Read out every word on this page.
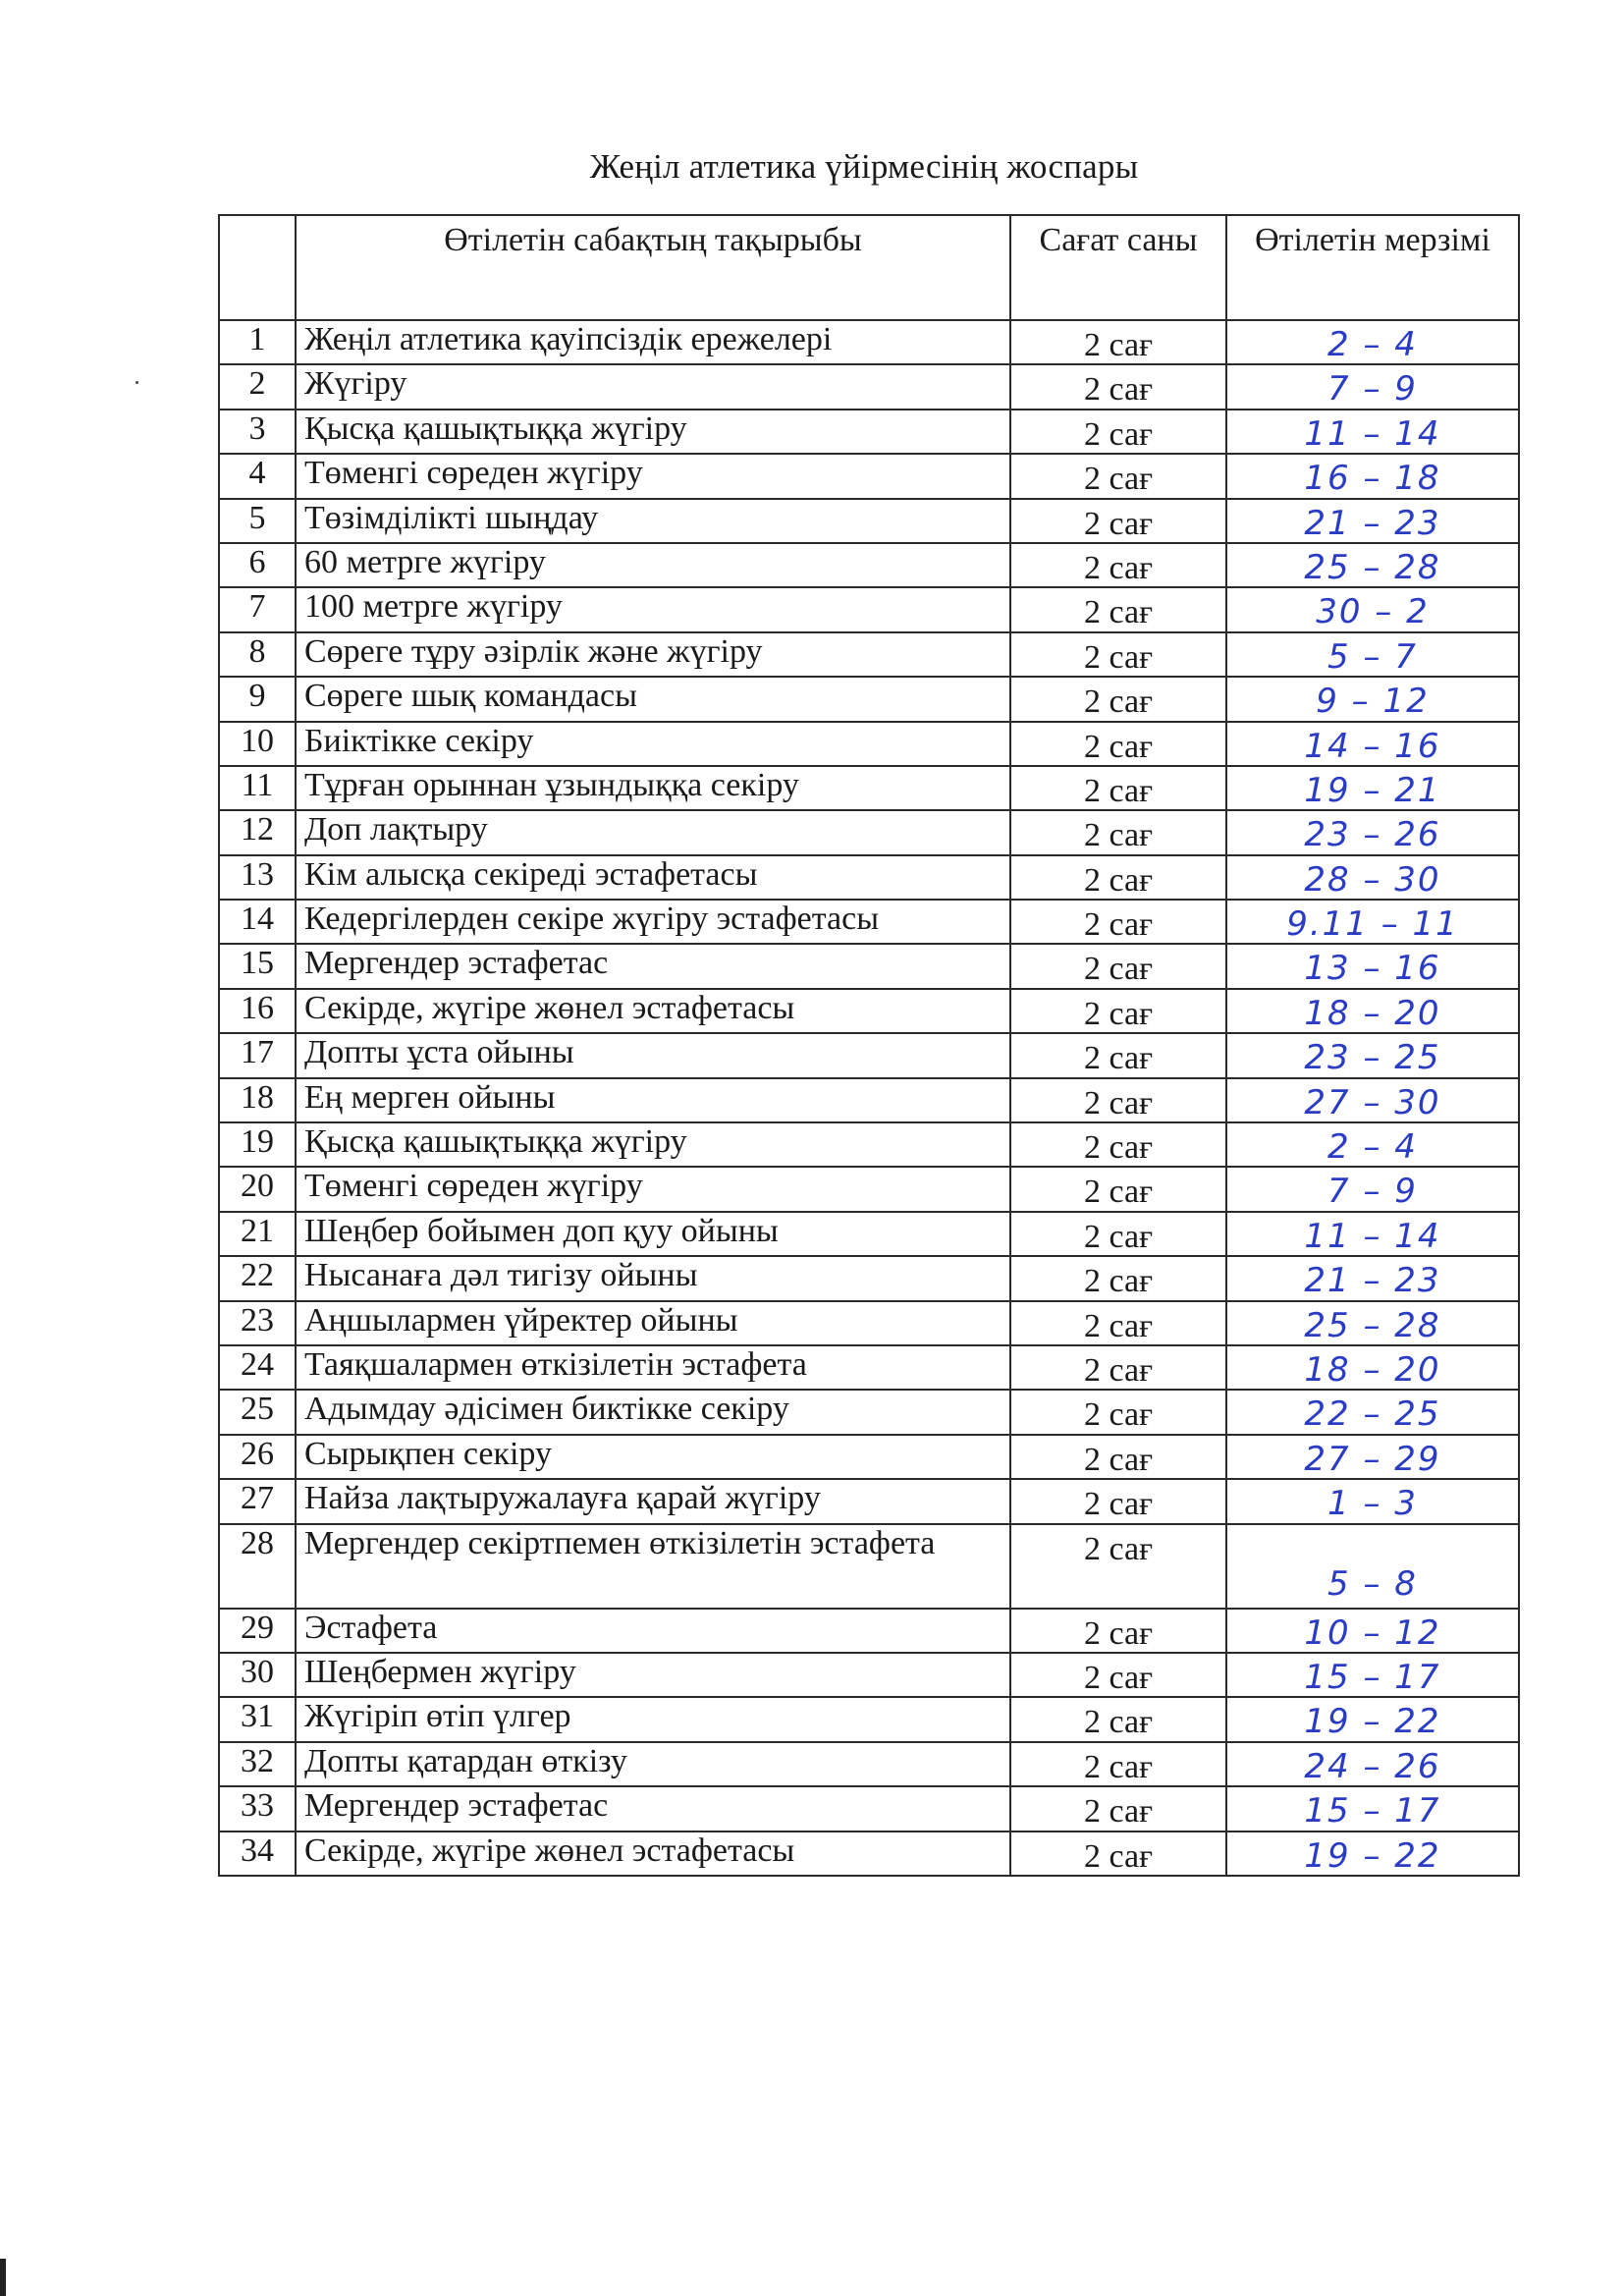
Жеңіл атлетика үйірмесінің жоспары
	Өтілетін сабақтың тақырыбы	Сағат саны	Өтілетін мерзімі
1	Жеңіл атлетика қауіпсіздік ережелері	2 сағ	2 – 4
2	Жүгіру	2 сағ	7 – 9
3	Қысқа қашықтыққа жүгіру	2 сағ	11 – 14
4	Төменгі сөреден жүгіру	2 сағ	16 – 18
5	Төзімділікті шыңдау	2 сағ	21 – 23
6	60 метрге жүгіру	2 сағ	25 – 28
7	100 метрге жүгіру	2 сағ	30 – 2
8	Сөреге тұру әзірлік және жүгіру	2 сағ	5 – 7
9	Сөреге шық командасы	2 сағ	9 – 12
10	Биіктікке секіру	2 сағ	14 – 16
11	Тұрған орыннан ұзындыққа секіру	2 сағ	19 – 21
12	Доп лақтыру	2 сағ	23 – 26
13	Кім алысқа секіреді эстафетасы	2 сағ	28 – 30
14	Кедергілерден секіре жүгіру эстафетасы	2 сағ	9.11 – 11
15	Мергендер эстафетас	2 сағ	13 – 16
16	Секірде, жүгіре жөнел эстафетасы	2 сағ	18 – 20
17	Допты ұста ойыны	2 сағ	23 – 25
18	Ең мерген ойыны	2 сағ	27 – 30
19	Қысқа қашықтыққа жүгіру	2 сағ	2 – 4
20	Төменгі сөреден жүгіру	2 сағ	7 – 9
21	Шеңбер бойымен доп қуу ойыны	2 сағ	11 – 14
22	Нысанаға дәл тигізу ойыны	2 сағ	21 – 23
23	Аңшылармен үйректер ойыны	2 сағ	25 – 28
24	Таяқшалармен өткізілетін эстафета	2 сағ	18 – 20
25	Адымдау әдісімен биктікке секіру	2 сағ	22 – 25
26	Сырықпен секіру	2 сағ	27 – 29
27	Найза лақтыружалауға қарай жүгіру	2 сағ	1 – 3
28	Мергендер секіртпемен өткізілетін эстафета	2 сағ	5 – 8
29	Эстафета	2 сағ	10 – 12
30	Шеңбермен жүгіру	2 сағ	15 – 17
31	Жүгіріп өтіп үлгер	2 сағ	19 – 22
32	Допты қатардан өткізу	2 сағ	24 – 26
33	Мергендер эстафетас	2 сағ	15 – 17
34	Секірде, жүгіре жөнел эстафетасы	2 сағ	19 – 22
